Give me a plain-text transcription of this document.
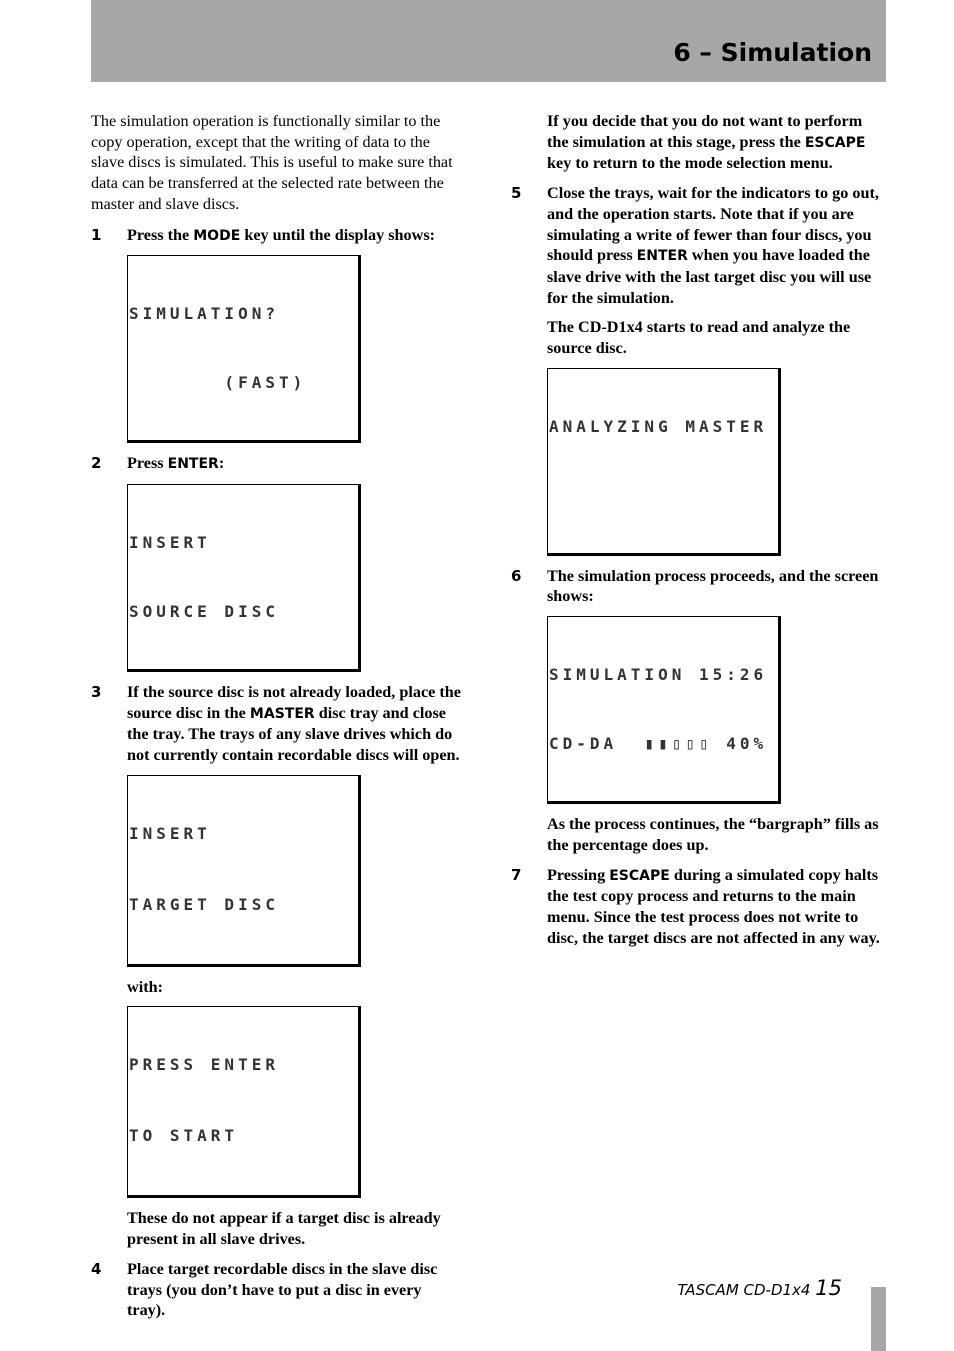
6 – Simulation

The simulation operation is functionally similar to the copy operation, except that the writing of data to the slave discs is simulated. This is useful to make sure that data can be transferred at the selected rate between the master and slave discs.

1 Press the MODE key until the display shows:

SIMULATION?

(FAST)

2 Press ENTER:

INSERT

SOURCE DISC

3 If the source disc is not already loaded, place the source disc in the MASTER disc tray and close the tray. The trays of any slave drives which do not currently contain recordable discs will open.

INSERT

TARGET DISC

with:

PRESS ENTER

TO START

These do not appear if a target disc is already present in all slave drives.

4 Place target recordable discs in the slave disc trays (you don’t have to put a disc in every tray).

If you decide that you do not want to perform the simulation at this stage, press the ESCAPE key to return to the mode selection menu.

5 Close the trays, wait for the indicators to go out, and the operation starts. Note that if you are simulating a write of fewer than four discs, you should press ENTER when you have loaded the slave drive with the last target disc you will use for the simulation.

The CD-D1x4 starts to read and analyze the source disc.

ANALYZING MASTER

6 The simulation process proceeds, and the screen shows:

SIMULATION 15:26

CD-DA  ▮▮▯▯▯ 40%

As the process continues, the “bargraph” fills as the percentage does up.

7 Pressing ESCAPE during a simulated copy halts the test copy process and returns to the main menu. Since the test process does not write to disc, the target discs are not affected in any way.

TASCAM CD-D1x4 15
